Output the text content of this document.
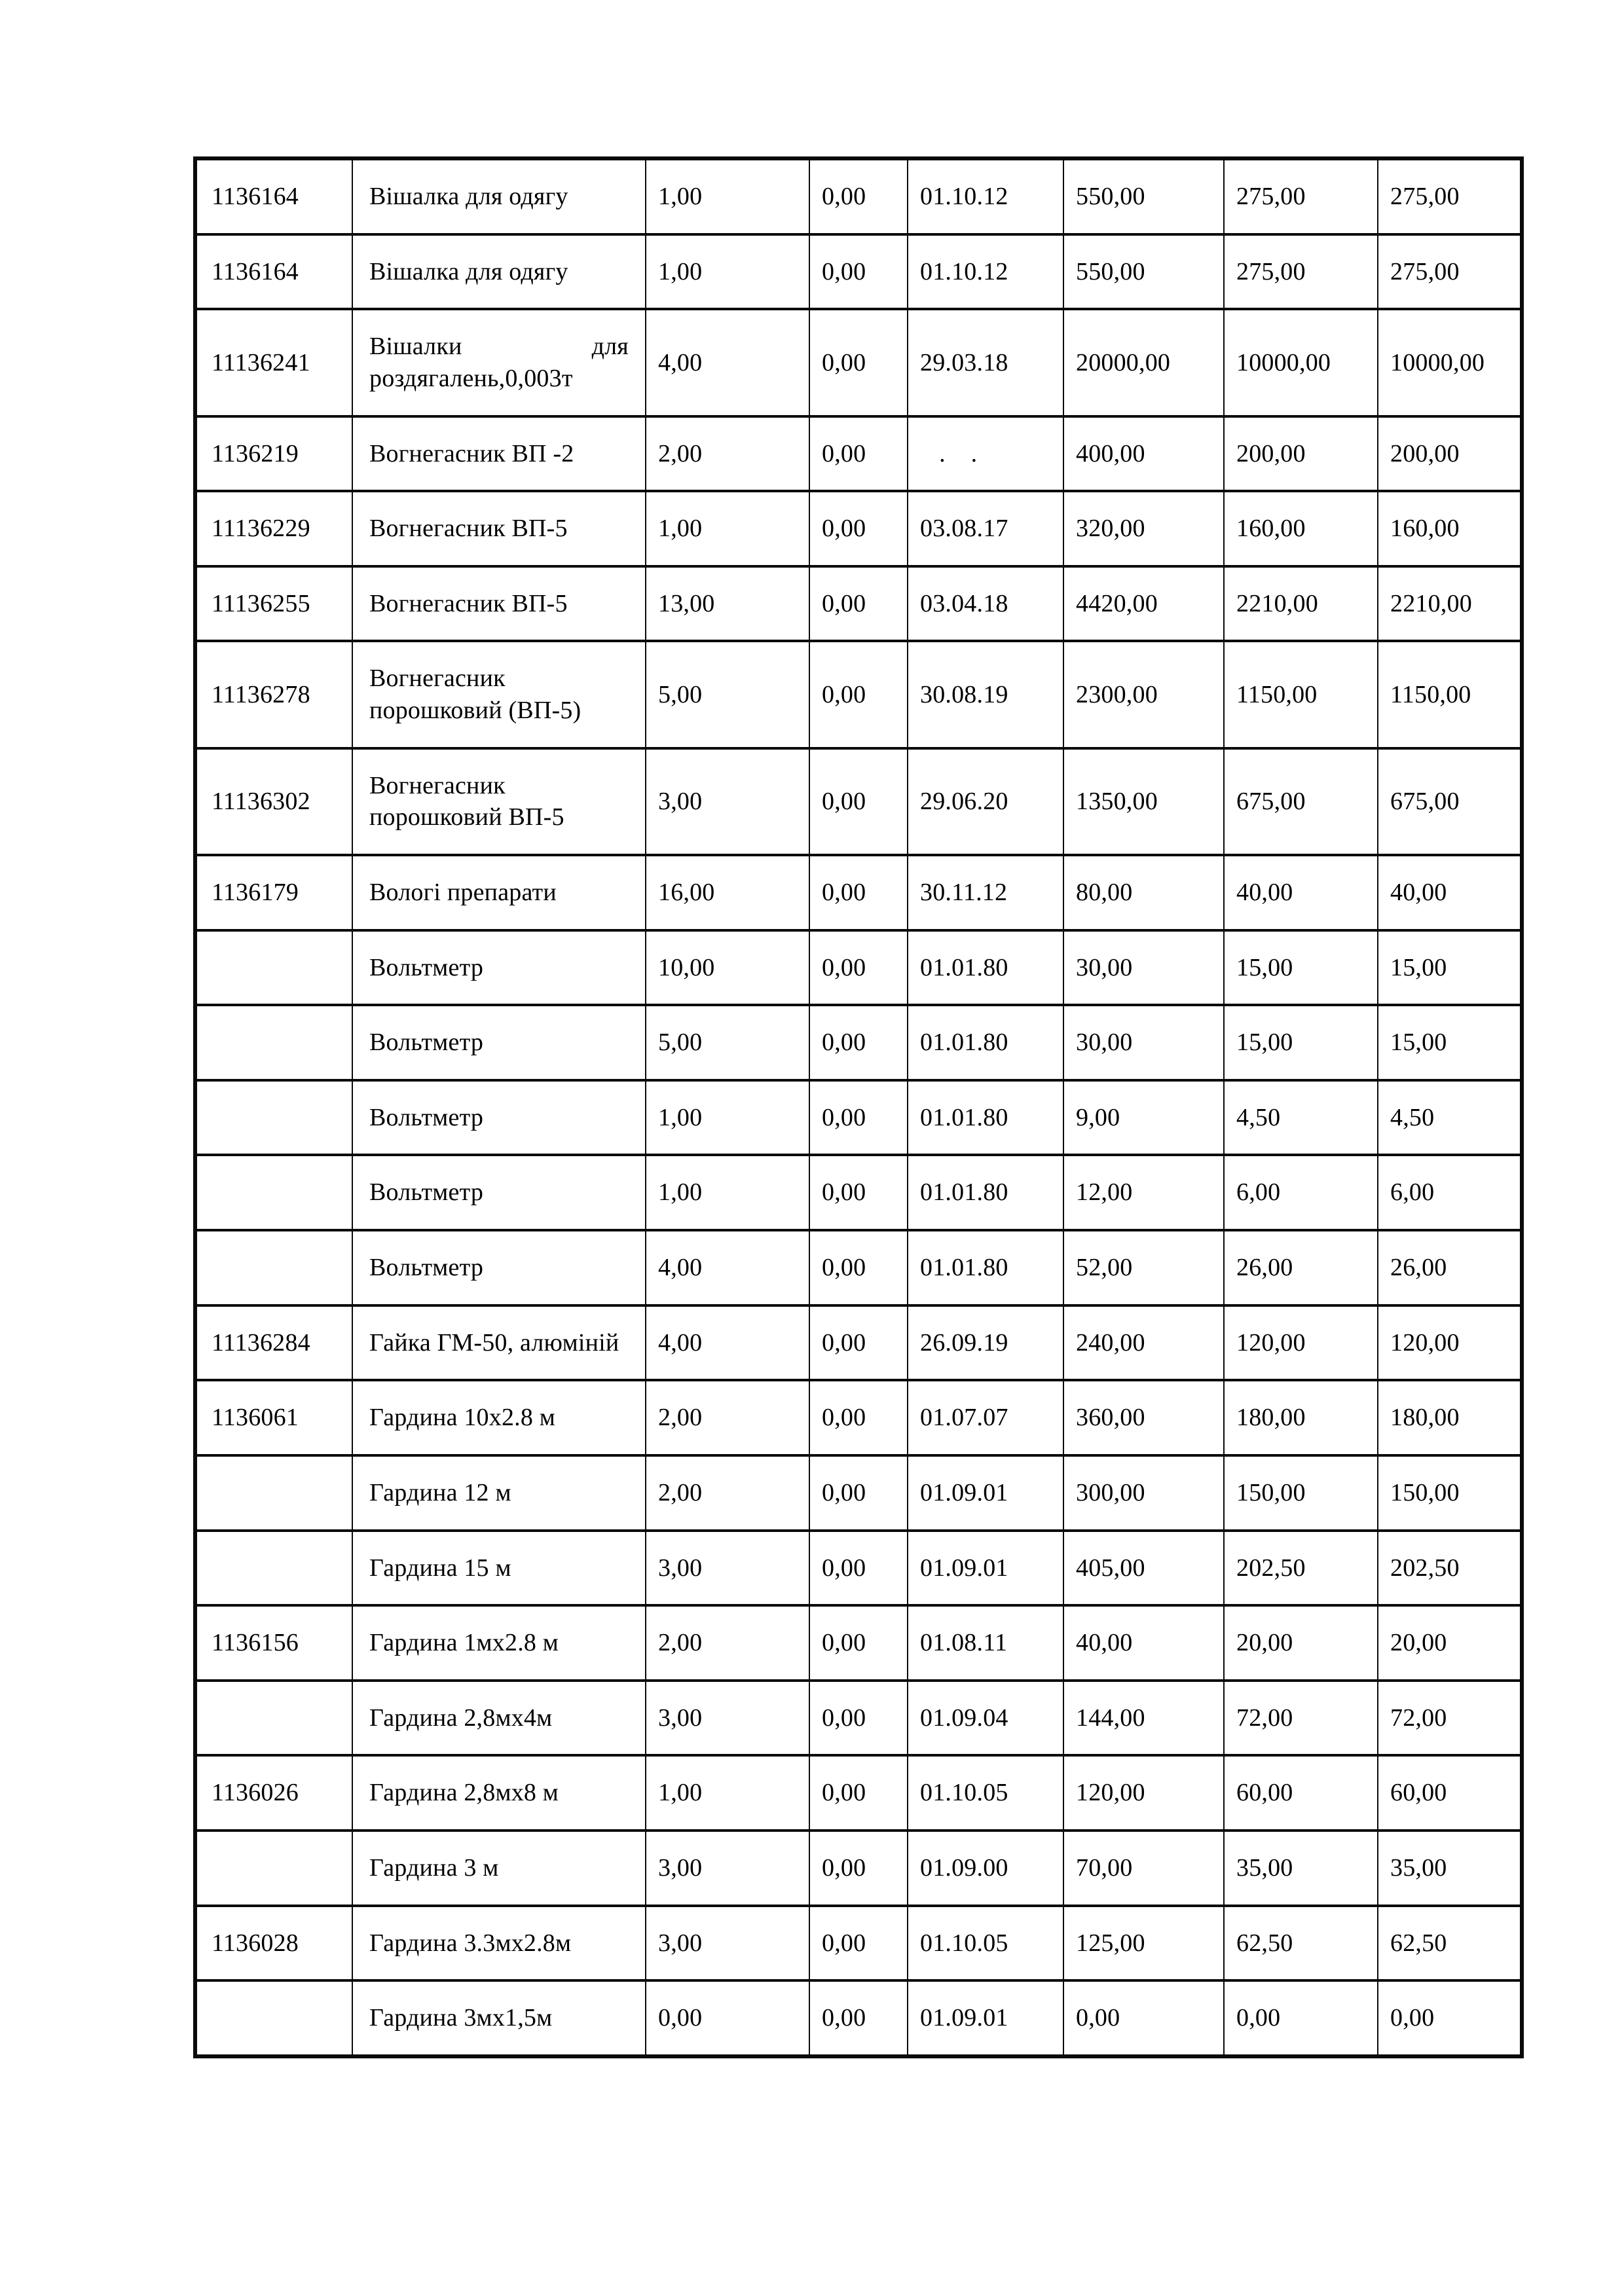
1136164	Вішалка для одягу	1,00	0,00	01.10.12	550,00	275,00	275,00
1136164	Вішалка для одягу	1,00	0,00	01.10.12	550,00	275,00	275,00
11136241	Вішалки для роздягалень,0,003т	4,00	0,00	29.03.18	20000,00	10000,00	10000,00
1136219	Вогнегасник ВП -2	2,00	0,00	.    .	400,00	200,00	200,00
11136229	Вогнегасник ВП-5	1,00	0,00	03.08.17	320,00	160,00	160,00
11136255	Вогнегасник ВП-5	13,00	0,00	03.04.18	4420,00	2210,00	2210,00
11136278	Вогнегасник порошковий (ВП-5)	5,00	0,00	30.08.19	2300,00	1150,00	1150,00
11136302	Вогнегасник порошковий ВП-5	3,00	0,00	29.06.20	1350,00	675,00	675,00
1136179	Вологі препарати	16,00	0,00	30.11.12	80,00	40,00	40,00
	Вольтметр	10,00	0,00	01.01.80	30,00	15,00	15,00
	Вольтметр	5,00	0,00	01.01.80	30,00	15,00	15,00
	Вольтметр	1,00	0,00	01.01.80	9,00	4,50	4,50
	Вольтметр	1,00	0,00	01.01.80	12,00	6,00	6,00
	Вольтметр	4,00	0,00	01.01.80	52,00	26,00	26,00
11136284	Гайка ГМ-50, алюміній	4,00	0,00	26.09.19	240,00	120,00	120,00
1136061	Гардина 10х2.8 м	2,00	0,00	01.07.07	360,00	180,00	180,00
	Гардина 12 м	2,00	0,00	01.09.01	300,00	150,00	150,00
	Гардина 15 м	3,00	0,00	01.09.01	405,00	202,50	202,50
1136156	Гардина 1мх2.8 м	2,00	0,00	01.08.11	40,00	20,00	20,00
	Гардина 2,8мх4м	3,00	0,00	01.09.04	144,00	72,00	72,00
1136026	Гардина 2,8мх8 м	1,00	0,00	01.10.05	120,00	60,00	60,00
	Гардина 3 м	3,00	0,00	01.09.00	70,00	35,00	35,00
1136028	Гардина 3.3мх2.8м	3,00	0,00	01.10.05	125,00	62,50	62,50
	Гардина 3мх1,5м	0,00	0,00	01.09.01	0,00	0,00	0,00
